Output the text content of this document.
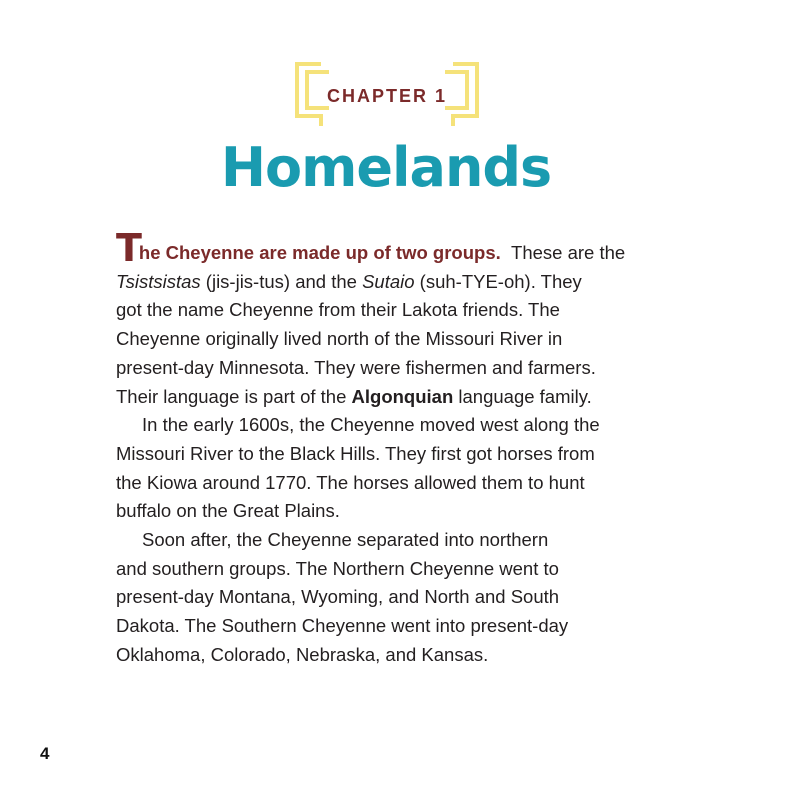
CHAPTER 1
Homelands
The Cheyenne are made up of two groups. These are the
Tsistsistas (jis-jis-tus) and the Sutaio (suh-TYE-oh). They
got the name Cheyenne from their Lakota friends. The
Cheyenne originally lived north of the Missouri River in
present-day Minnesota. They were fishermen and farmers.
Their language is part of the Algonquian language family.
In the early 1600s, the Cheyenne moved west along the
Missouri River to the Black Hills. They first got horses from
the Kiowa around 1770. The horses allowed them to hunt
buffalo on the Great Plains.
Soon after, the Cheyenne separated into northern
and southern groups. The Northern Cheyenne went to
present-day Montana, Wyoming, and North and South
Dakota. The Southern Cheyenne went into present-day
Oklahoma, Colorado, Nebraska, and Kansas.
4
